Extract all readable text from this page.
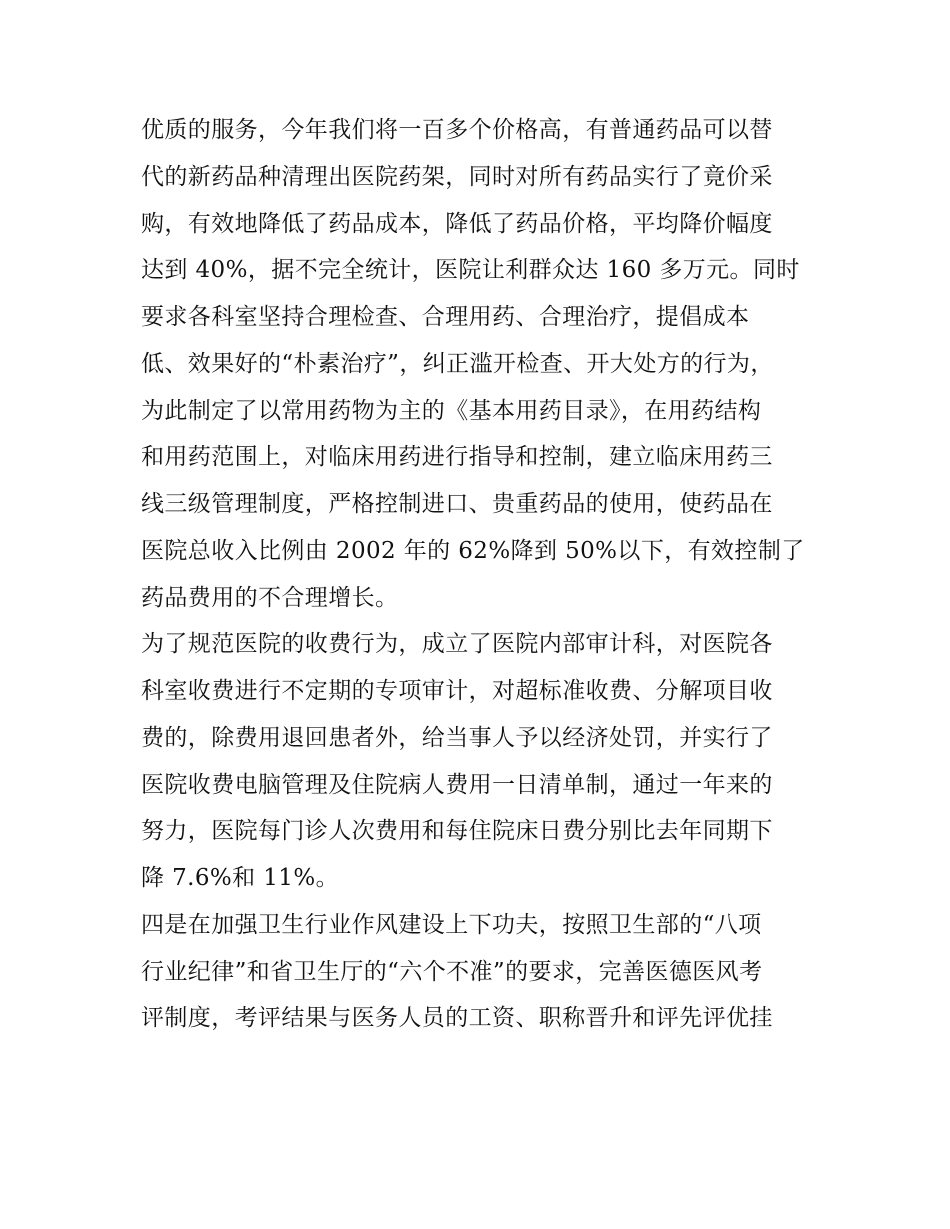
优质的服务，今年我们将一百多个价格高，有普通药品可以替
代的新药品种清理出医院药架，同时对所有药品实行了竟价采
购，有效地降低了药品成本，降低了药品价格，平均降价幅度
达到 40%，据不完全统计，医院让利群众达 160 多万元。同时
要求各科室坚持合理检查、合理用药、合理治疗，提倡成本
低、效果好的“朴素治疗”，纠正滥开检查、开大处方的行为，
为此制定了以常用药物为主的《基本用药目录》，在用药结构
和用药范围上，对临床用药进行指导和控制，建立临床用药三
线三级管理制度，严格控制进口、贵重药品的使用，使药品在
医院总收入比例由 2002 年的 62%降到 50%以下，有效控制了
药品费用的不合理增长。
为了规范医院的收费行为，成立了医院内部审计科，对医院各
科室收费进行不定期的专项审计，对超标准收费、分解项目收
费的，除费用退回患者外，给当事人予以经济处罚，并实行了
医院收费电脑管理及住院病人费用一日清单制，通过一年来的
努力，医院每门诊人次费用和每住院床日费分别比去年同期下
降 7.6%和 11%。
四是在加强卫生行业作风建设上下功夫，按照卫生部的“八项
行业纪律”和省卫生厅的“六个不准”的要求，完善医德医风考
评制度，考评结果与医务人员的工资、职称晋升和评先评优挂
